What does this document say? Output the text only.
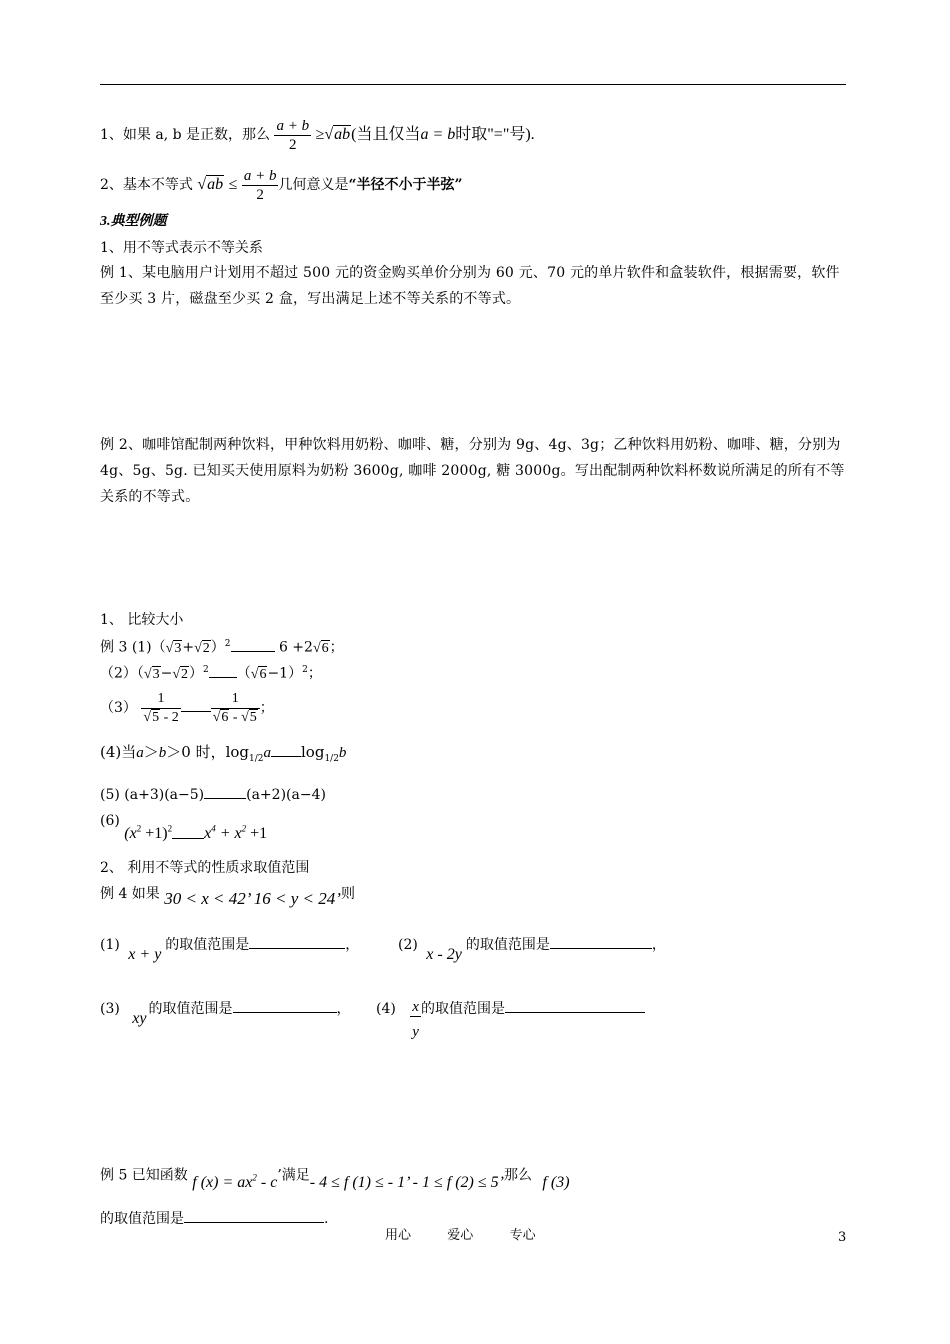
1、如果 a, b 是正数，那么 $\frac{a + b}{2} \ge√ab$(当且仅当a = b时取"="号).
2、基本不等式 $√ab \le \frac{a + b}{2}$ 几何意义是“半径不小于半弦”
3.典型例题
1、用不等式表示不等关系
例 1、某电脑用户计划用不超过 500 元的资金购买单价分别为 60 元、70 元的单片软件和盒装软件，根据需要，软件至少买 3 片，磁盘至少买 2 盒，写出满足上述不等关系的不等式。
例 2、咖啡馆配制两种饮料，甲种饮料用奶粉、咖啡、糖，分别为 9g、4g、3g；乙种饮料用奶粉、咖啡、糖，分别为 4g、5g、5g. 已知买天使用原料为奶粉 3600g, 咖啡 2000g, 糖 3000g。写出配制两种饮料杯数说所满足的所有不等关系的不等式。
1、 比较大小
例 3 $(1)(√3+√2)^2$	6 +2√6；
$(2)(√3-√2)^2$ $(√6-1)^2$；
$(3) \frac{1}{√5 - 2} \frac{1}{√6 - √5}$ ；
(4)当a＞b＞0 时，$\log_{1/2}a$ $\log_{1/2}b$
(5) (a+3)(a−5)	(a+2)(a−4)
(6) $(x^2 +1)^2$ $x^4 + x^2 +1$
2、 利用不等式的性质求取值范围
例 4 如果 30 < x < 42’ 16 < y < 24’则
(1) x + y的取值范围是	，	(2) x - 2y的取值范围是	，
(3) xy的取值范围是	， $(4) \frac{x}{y}$ 的取值范围是
例 5 已知函数 f $(x) = ax^2 - c$’满足- 4 ≤ f (1) ≤ - 1’ - 1 ≤ f (2) ≤ 5’那么 f (3)
的取值范围是	.
用心	爱心	专心	3
